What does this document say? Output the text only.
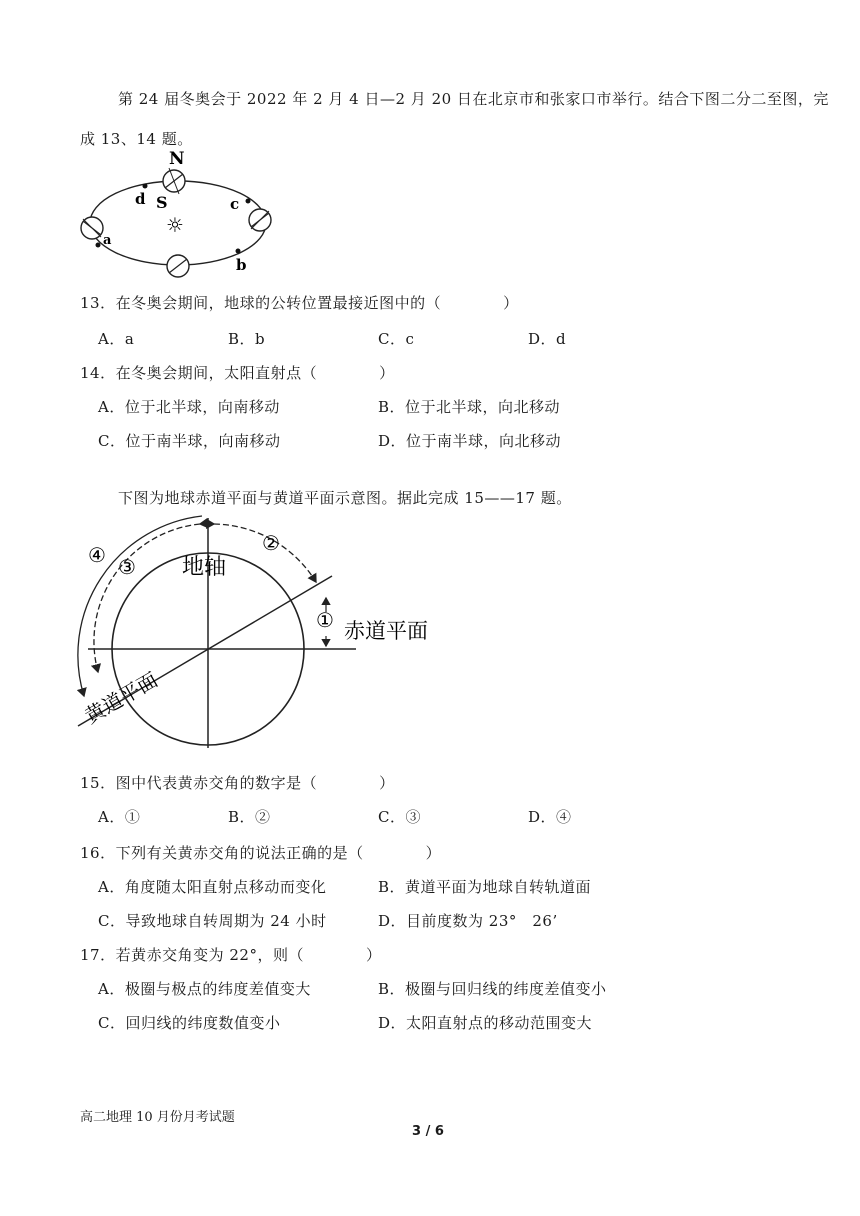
第 24 届冬奥会于 2022 年 2 月 4 日—2 月 20 日在北京市和张家口市举行。结合下图二分二至图，完
成 13、14 题。
N
S
d	c
b
a
☼
13．在冬奥会期间，地球的公转位置最接近图中的（　　　　）
A．a	B．b	C．c	D．d
14．在冬奥会期间，太阳直射点（　　　　）
A．位于北半球，向南移动	B．位于北半球，向北移动
C．位于南半球，向南移动	D．位于南半球，向北移动
下图为地球赤道平面与黄道平面示意图。据此完成 15——17 题。
地轴
赤道平面
黄道平面
①
②
③
④
15．图中代表黄赤交角的数字是（　　　　）
A．①	B．②	C．③	D．④
16．下列有关黄赤交角的说法正确的是（　　　　）
A．角度随太阳直射点移动而变化	B．黄道平面为地球自转轨道面
C．导致地球自转周期为 24 小时	D．目前度数为 23°　26’
17．若黄赤交角变为 22°，则（　　　　）
A．极圈与极点的纬度差值变大	B．极圈与回归线的纬度差值变小
C．回归线的纬度数值变小	D．太阳直射点的移动范围变大
高二地理 10 月份月考试题
3 / 6
